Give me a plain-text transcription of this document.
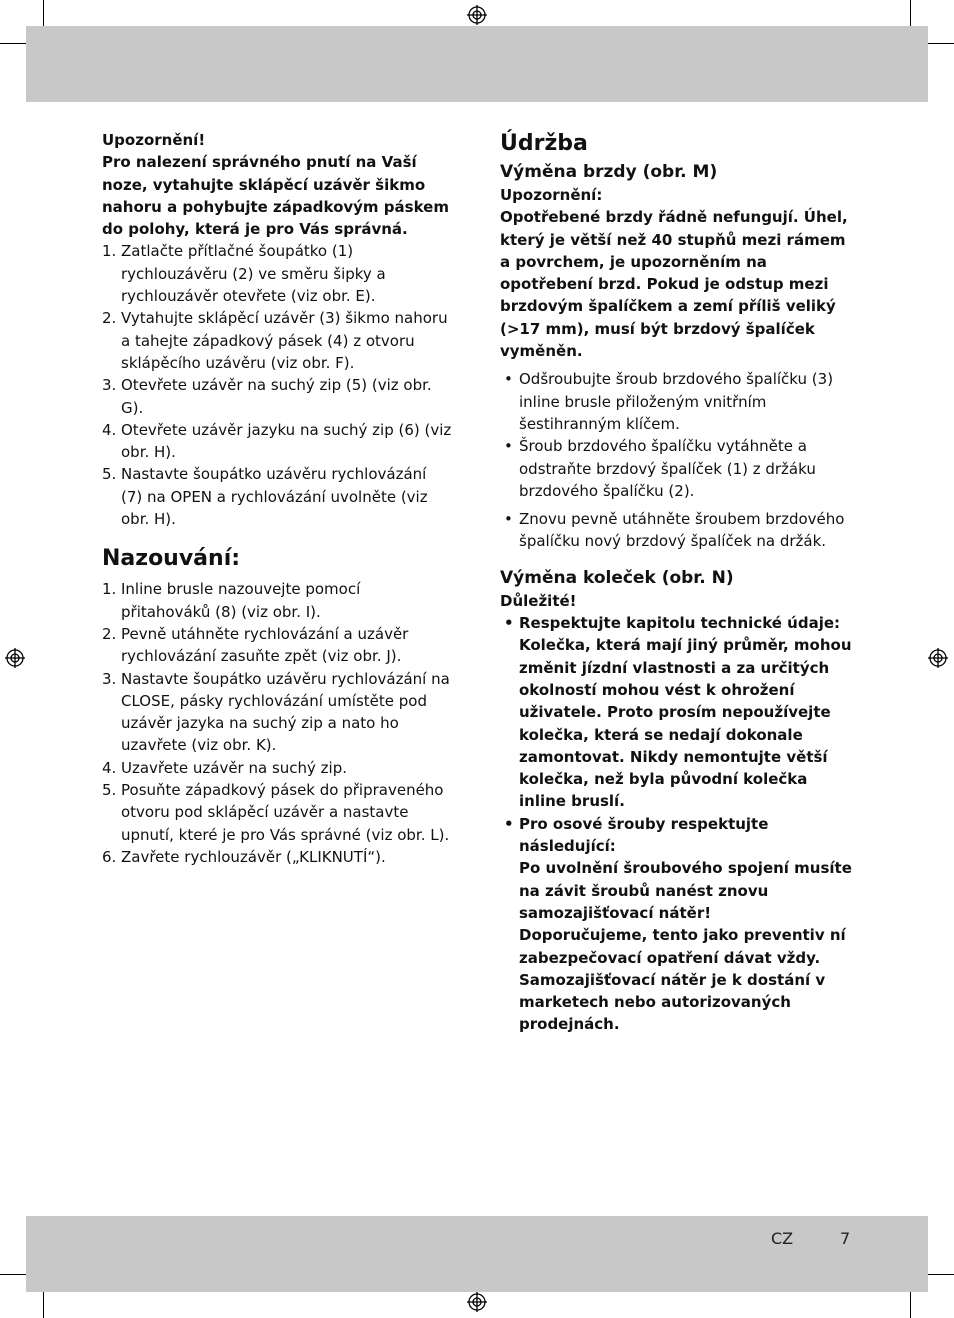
Upozornění!

Pro nalezení správného pnutí na Vaší noze, vytahujte sklápěcí uzávěr šikmo nahoru a pohybujte západkovým páskem do polohy, která je pro Vás správná.

1. Zatlačte přítlačné šoupátko (1) rychlouzávěru (2) ve směru šipky a rychlouzávěr otevřete (viz obr. E).
2. Vytahujte sklápěcí uzávěr (3) šikmo nahoru a tahejte západkový pásek (4) z otvoru sklápěcího uzávěru (viz obr. F).
3. Otevřete uzávěr na suchý zip (5) (viz obr. G).
4. Otevřete uzávěr jazyku na suchý zip (6) (viz obr. H).
5. Nastavte šoupátko uzávěru rychlovázání (7) na OPEN a rychlovázání uvolněte (viz obr. H).
Nazouvání:
1. Inline brusle nazouvejte pomocí přitahováků (8) (viz obr. I).
2. Pevně utáhněte rychlovázání a uzávěr rychlovázání zasuňte zpět (viz obr. J).
3. Nastavte šoupátko uzávěru rychlovázání na CLOSE, pásky rychlovázání umístěte pod uzávěr jazyka na suchý zip a nato ho uzavřete (viz obr. K).
4. Uzavřete uzávěr na suchý zip.
5. Posuňte západkový pásek do připraveného otvoru pod sklápěcí uzávěr a nastavte upnutí, které je pro Vás správné (viz obr. L).
6. Zavřete rychlouzávěr („KLIKNUTÍ“).
Údržba
Výměna brzdy (obr. M)

Upozornění:

Opotřebené brzdy řádně nefungují. Úhel, který je větší než 40 stupňů mezi rámem a povrchem, je upozorněním na opotřebení brzd. Pokud je odstup mezi brzdovým špalíčkem a zemí příliš veliký (>17 mm), musí být brzdový špalíček vyměněn.

• Odšroubujte šroub brzdového špalíčku (3) inline brusle přiloženým vnitřním šestihranným klíčem.
• Šroub brzdového špalíčku vytáhněte a odstraňte brzdový špalíček (1) z držáku brzdového špalíčku (2).
• Znovu pevně utáhněte šroubem brzdového špalíčku nový brzdový špalíček na držák.
Výměna koleček (obr. N)
Důležité!
• Respektujte kapitolu technické údaje:
Kolečka, která mají jiný průměr, mohou změnit jízdní vlastnosti a za určitých okolností mohou vést k ohrožení uživatele. Proto prosím nepoužívejte kolečka, která se nedají dokonale zamontovat. Nikdy nemontujte větší kolečka, než byla původní kolečka inline bruslí.
• Pro osové šrouby respektujte následující:
Po uvolnění šroubového spojení musíte na závit šroubů nanést znovu samozajišťovací nátěr!
Doporučujeme, tento jako preventiv ní zabezpečovací opatření dávat vždy. Samozajišťovací nátěr je k dostání v marketech nebo autorizovaných prodejnách.
CZ	7
